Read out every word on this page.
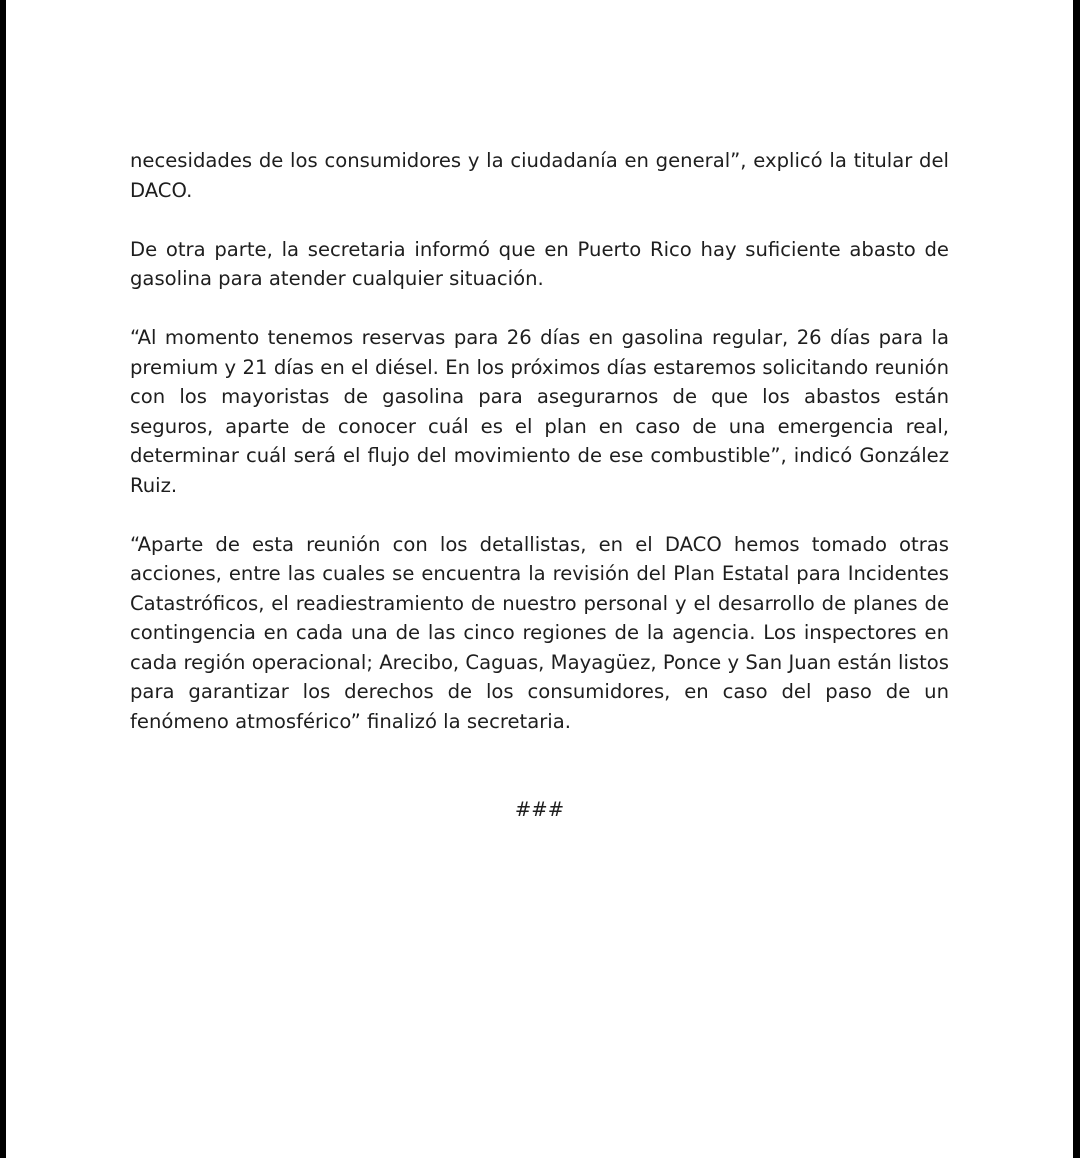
necesidades de los consumidores y la ciudadanía en general”, explicó la titular del DACO.

De otra parte, la secretaria informó que en Puerto Rico hay suficiente abasto de gasolina para atender cualquier situación.

“Al momento tenemos reservas para 26 días en gasolina regular, 26 días para la premium y 21 días en el diésel. En los próximos días estaremos solicitando reunión con los mayoristas de gasolina para asegurarnos de que los abastos están seguros, aparte de conocer cuál es el plan en caso de una emergencia real, determinar cuál será el flujo del movimiento de ese combustible”, indicó González Ruiz.

“Aparte de esta reunión con los detallistas, en el DACO hemos tomado otras acciones, entre las cuales se encuentra la revisión del Plan Estatal para Incidentes Catastróficos, el readiestramiento de nuestro personal y el desarrollo de planes de contingencia en cada una de las cinco regiones de la agencia. Los inspectores en cada región operacional; Arecibo, Caguas, Mayagüez, Ponce y San Juan están listos para garantizar los derechos de los consumidores, en caso del paso de un fenómeno atmosférico” finalizó la secretaria.

###
